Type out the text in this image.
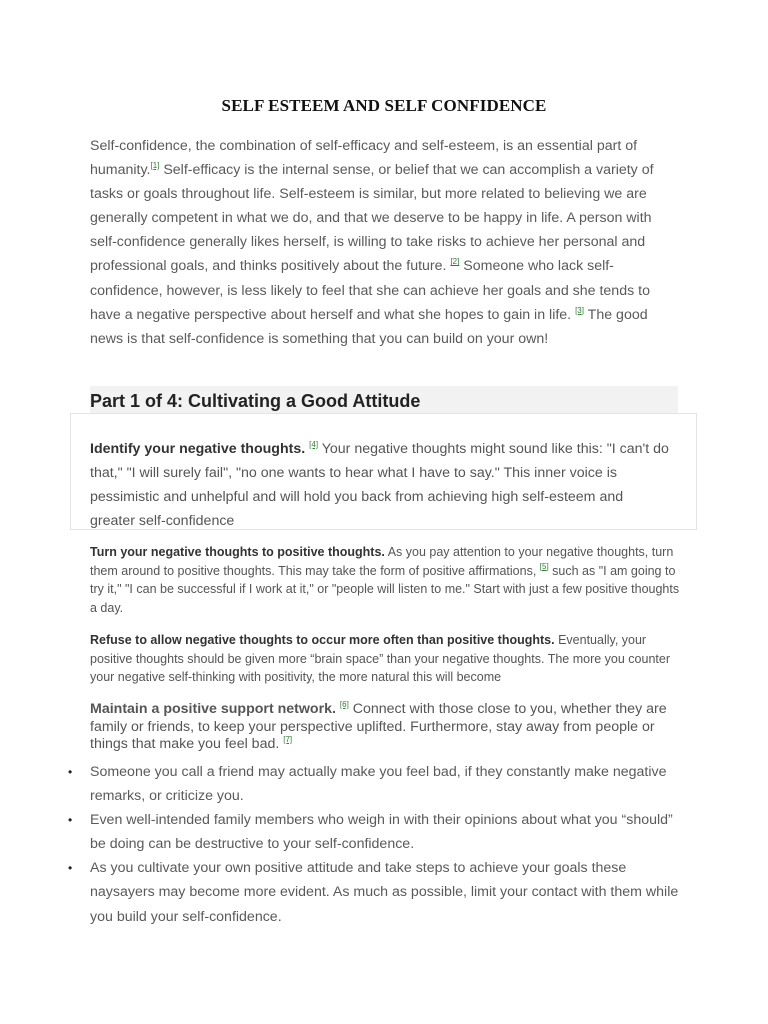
SELF ESTEEM AND SELF CONFIDENCE

Self-confidence, the combination of self-efficacy and self-esteem, is an essential part of humanity.[1] Self-efficacy is the internal sense, or belief that we can accomplish a variety of tasks or goals throughout life. Self-esteem is similar, but more related to believing we are generally competent in what we do, and that we deserve to be happy in life. A person with self-confidence generally likes herself, is willing to take risks to achieve her personal and professional goals, and thinks positively about the future. [2] Someone who lack self-confidence, however, is less likely to feel that she can achieve her goals and she tends to have a negative perspective about herself and what she hopes to gain in life. [3] The good news is that self-confidence is something that you can build on your own!

Part 1 of 4: Cultivating a Good Attitude

Identify your negative thoughts. [4] Your negative thoughts might sound like this: "I can't do that," "I will surely fail", "no one wants to hear what I have to say." This inner voice is pessimistic and unhelpful and will hold you back from achieving high self-esteem and greater self-confidence

Turn your negative thoughts to positive thoughts. As you pay attention to your negative thoughts, turn them around to positive thoughts. This may take the form of positive affirmations, [5] such as "I am going to try it," "I can be successful if I work at it," or "people will listen to me." Start with just a few positive thoughts a day.

Refuse to allow negative thoughts to occur more often than positive thoughts. Eventually, your positive thoughts should be given more “brain space” than your negative thoughts. The more you counter your negative self-thinking with positivity, the more natural this will become

Maintain a positive support network. [6] Connect with those close to you, whether they are family or friends, to keep your perspective uplifted. Furthermore, stay away from people or things that make you feel bad. [7]

• Someone you call a friend may actually make you feel bad, if they constantly make negative remarks, or criticize you.
• Even well-intended family members who weigh in with their opinions about what you “should” be doing can be destructive to your self-confidence.
• As you cultivate your own positive attitude and take steps to achieve your goals these naysayers may become more evident. As much as possible, limit your contact with them while you build your self-confidence.
